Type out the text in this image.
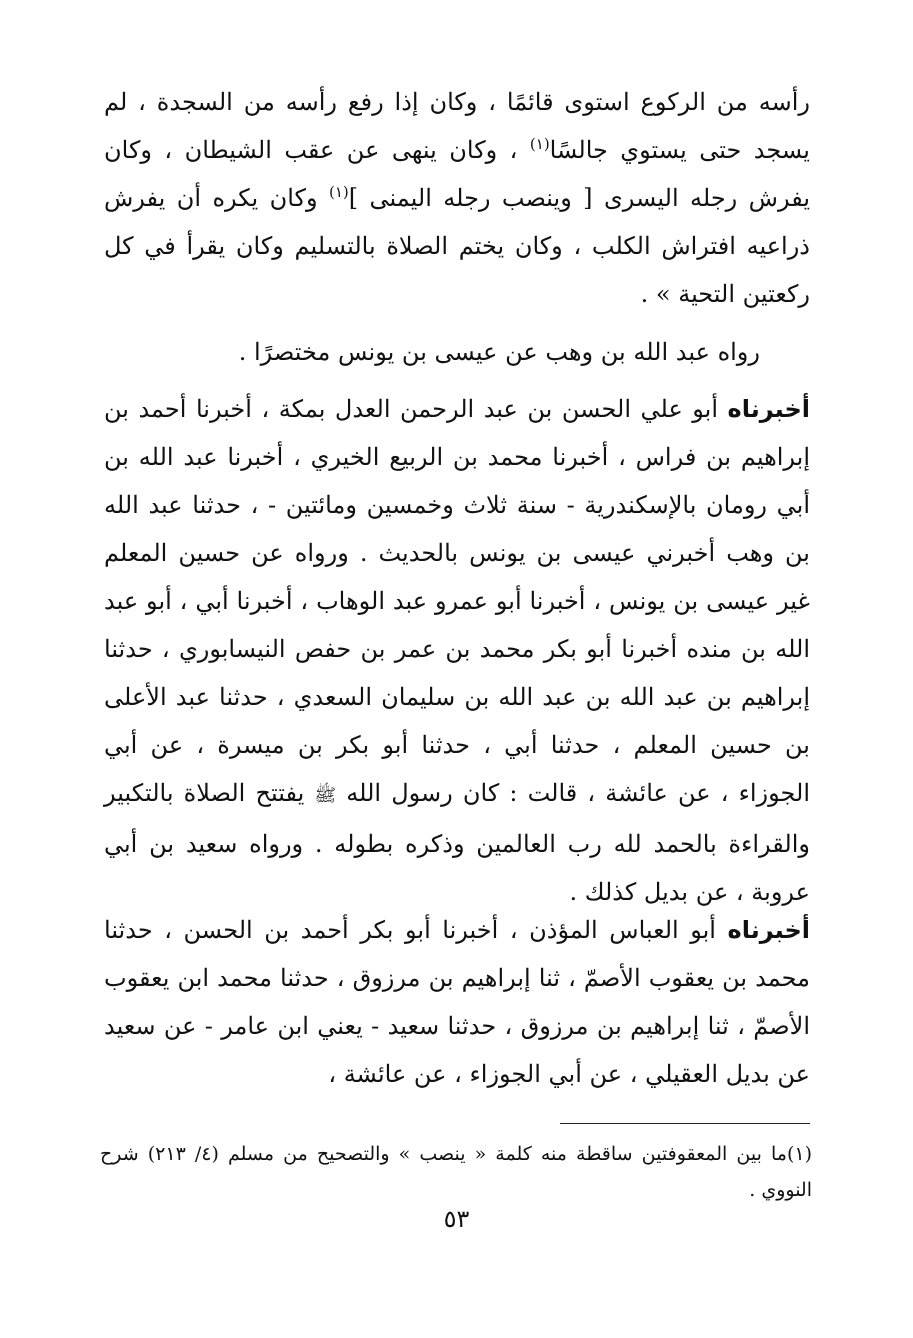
رأسه من الركوع استوى قائمًا ، وكان إذا رفع رأسه من السجدة ، لم يسجد حتى يستوي جالسًا$^{(١)}$ ، وكان ينهى عن عقب الشيطان ، وكان يفرش رجله اليسرى [ وينصب رجله اليمنى ]$^{(١)}$ وكان يكره أن يفرش ذراعيه افتراش الكلب ، وكان يختم الصلاة بالتسليم وكان يقرأ في كل ركعتين التحية » .

رواه عبد الله بن وهب عن عيسى بن يونس مختصرًا .

أخبرناه أبو علي الحسن بن عبد الرحمن العدل بمكة ، أخبرنا أحمد بن إبراهيم بن فراس ، أخبرنا محمد بن الربيع الخيري ، أخبرنا عبد الله بن أبي رومان بالإسكندرية - سنة ثلاث وخمسين ومائتين - ، حدثنا عبد الله بن وهب أخبرني عيسى بن يونس بالحديث . ورواه عن حسين المعلم غير عيسى بن يونس ، أخبرنا أبو عمرو عبد الوهاب ، أخبرنا أبي ، أبو عبد الله بن منده أخبرنا أبو بكر محمد بن عمر بن حفص النيسابوري ، حدثنا إبراهيم بن عبد الله بن عبد الله بن سليمان السعدي ، حدثنا عبد الأعلى بن حسين المعلم ، حدثنا أبي ، حدثنا أبو بكر بن ميسرة ، عن أبي الجوزاء ، عن عائشة ، قالت : كان رسول الله ﷺ يفتتح الصلاة بالتكبير والقراءة بالحمد لله رب العالمين وذكره بطوله . ورواه سعيد بن أبي عروبة ، عن بديل كذلك .

أخبرناه أبو العباس المؤذن ، أخبرنا أبو بكر أحمد بن الحسن ، حدثنا محمد بن يعقوب الأصمّ ، ثنا إبراهيم بن مرزوق ، حدثنا محمد ابن يعقوب الأصمّ ، ثنا إبراهيم بن مرزوق ، حدثنا سعيد - يعني ابن عامر - عن سعيد عن بديل العقيلي ، عن أبي الجوزاء ، عن عائشة ،

(١)ما بين المعقوفتين ساقطة منه كلمة « ينصب » والتصحيح من مسلم (٤/ ٢١٣) شرح النووي .

٥٣
